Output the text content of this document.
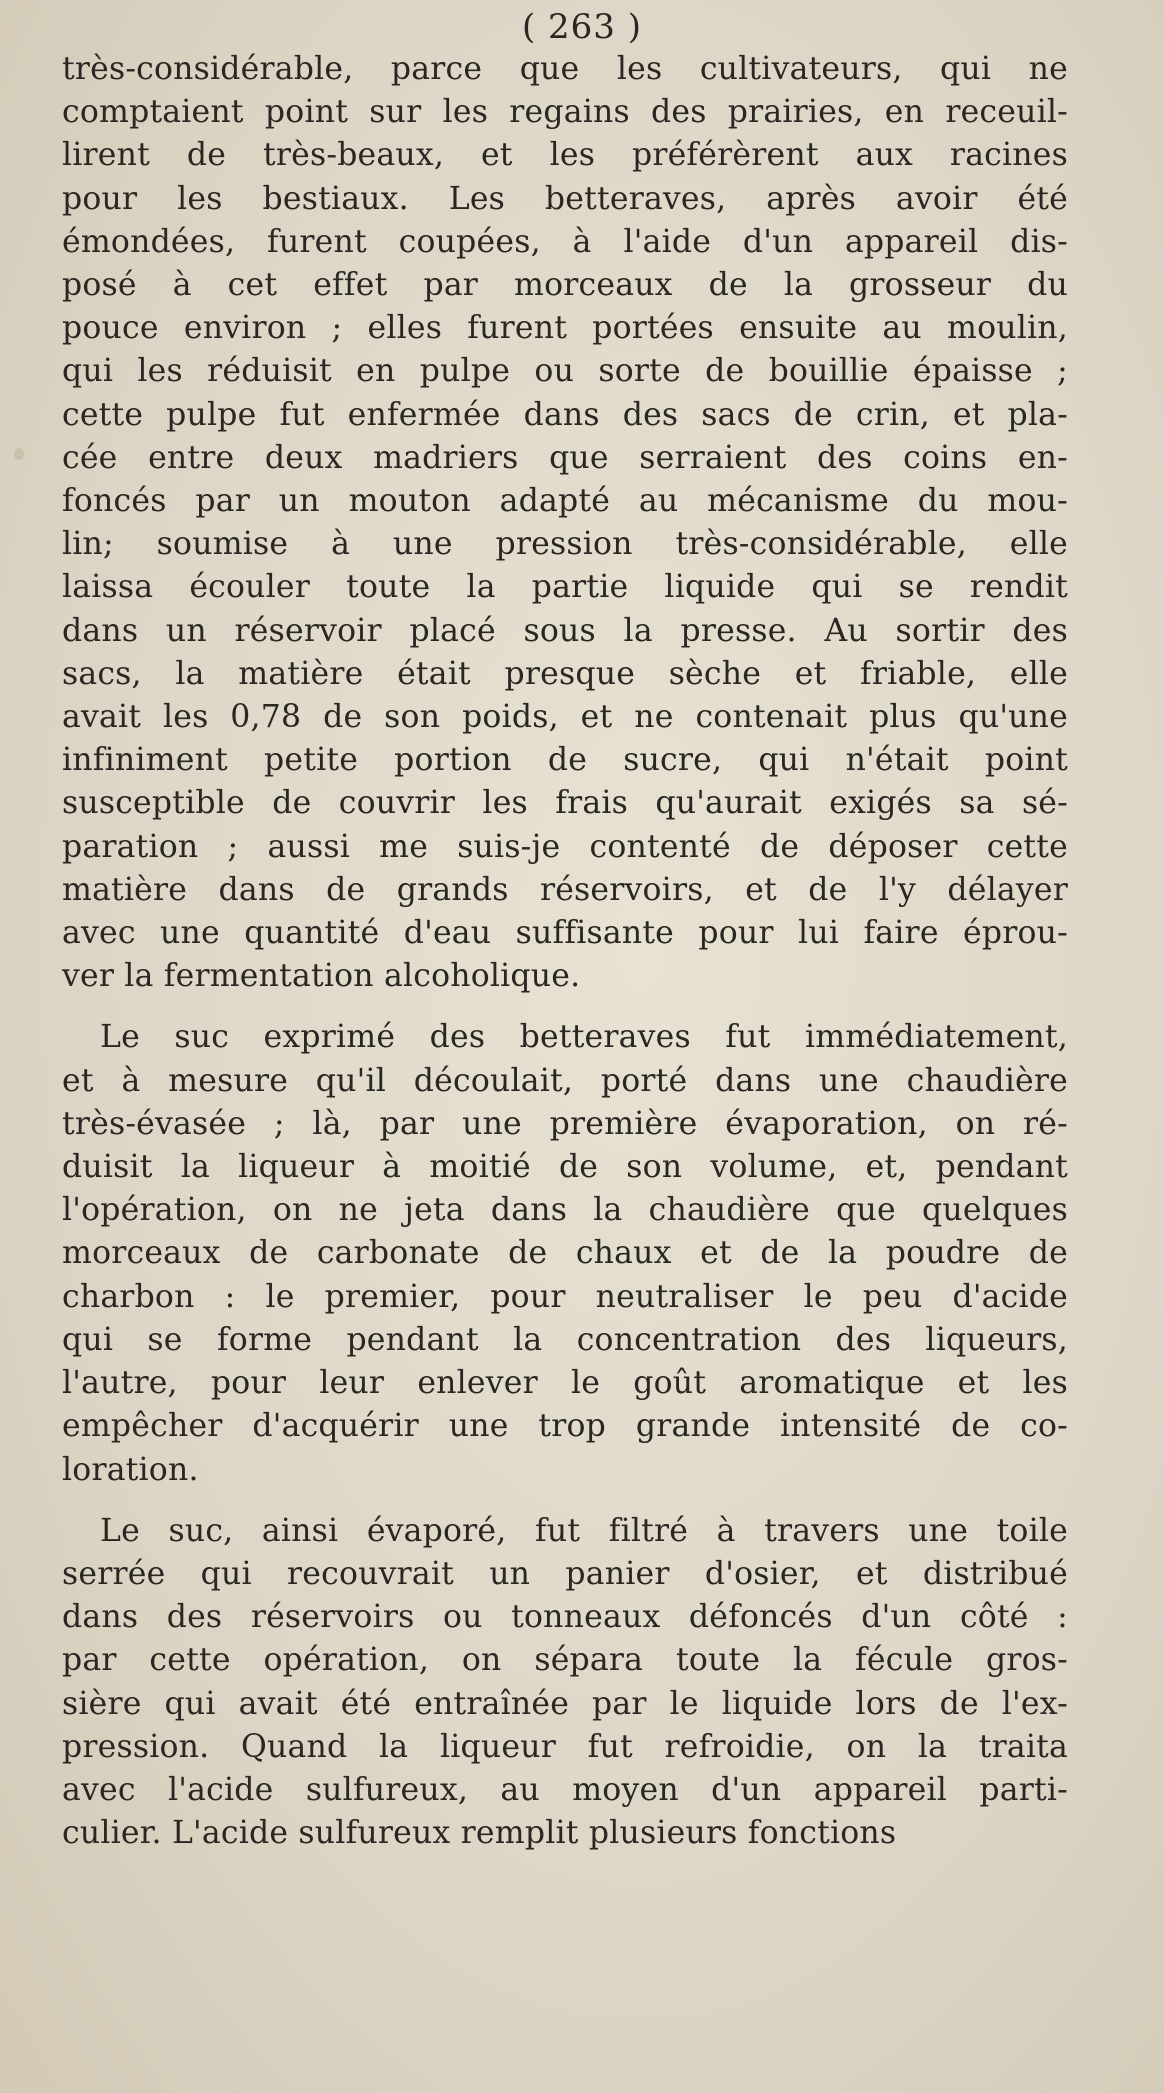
( 263 )

très-considérable, parce que les cultivateurs, qui ne
comptaient point sur les regains des prairies, en receuil-
lirent de très-beaux, et les préférèrent aux racines
pour les bestiaux. Les betteraves, après avoir été
émondées, furent coupées, à l'aide d'un appareil dis-
posé à cet effet par morceaux de la grosseur du
pouce environ ; elles furent portées ensuite au moulin,
qui les réduisit en pulpe ou sorte de bouillie épaisse ;
cette pulpe fut enfermée dans des sacs de crin, et pla-
cée entre deux madriers que serraient des coins en-
foncés par un mouton adapté au mécanisme du mou-
lin; soumise à une pression très-considérable, elle
laissa écouler toute la partie liquide qui se rendit
dans un réservoir placé sous la presse. Au sortir des
sacs, la matière était presque sèche et friable, elle
avait les 0,78 de son poids, et ne contenait plus qu'une
infiniment petite portion de sucre, qui n'était point
susceptible de couvrir les frais qu'aurait exigés sa sé-
paration ; aussi me suis-je contenté de déposer cette
matière dans de grands réservoirs, et de l'y délayer
avec une quantité d'eau suffisante pour lui faire éprou-
ver la fermentation alcoholique.

Le suc exprimé des betteraves fut immédiatement,
et à mesure qu'il découlait, porté dans une chaudière
très-évasée ; là, par une première évaporation, on ré-
duisit la liqueur à moitié de son volume, et, pendant
l'opération, on ne jeta dans la chaudière que quelques
morceaux de carbonate de chaux et de la poudre de
charbon : le premier, pour neutraliser le peu d'acide
qui se forme pendant la concentration des liqueurs,
l'autre, pour leur enlever le goût aromatique et les
empêcher d'acquérir une trop grande intensité de co-
loration.

Le suc, ainsi évaporé, fut filtré à travers une toile
serrée qui recouvrait un panier d'osier, et distribué
dans des réservoirs ou tonneaux défoncés d'un côté :
par cette opération, on sépara toute la fécule gros-
sière qui avait été entraînée par le liquide lors de l'ex-
pression. Quand la liqueur fut refroidie, on la traita
avec l'acide sulfureux, au moyen d'un appareil parti-
culier. L'acide sulfureux remplit plusieurs fonctions
